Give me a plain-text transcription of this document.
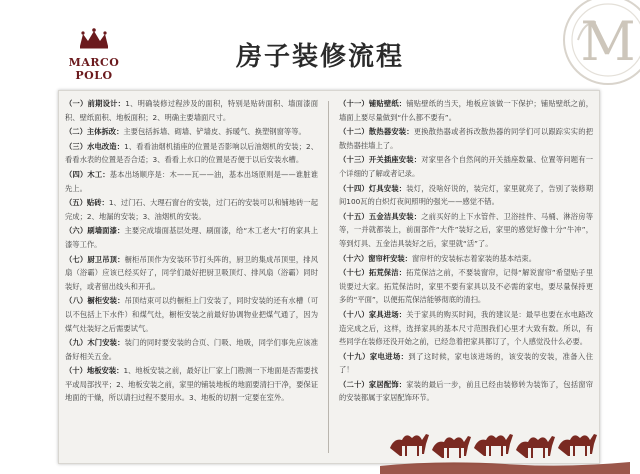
MARCO POLO
房子装修流程	M
（一）前期设计：1、明确装修过程涉及的面积，特别是贴砖面积、墙面漆面积、壁纸面积、地板面积；2、明确主要墙面尺寸。
（二）主体拆改：主要包括拆墙、砌墙、铲墙皮、拆暖气、换塑钢窗等等。
（三）水电改造：1、看看油烟机插座的位置是否影响以后油烟机的安装；2、看看水表的位置是否合适；3、看看上水口的位置是否便于以后安装水槽。
（四）木工：基本出场顺序是：木——瓦——油，基本出场原则是——谁脏谁先上。
（五）贴砖：1、过门石、大理石窗台的安装，过门石的安装可以和铺地砖一起完成；2、地漏的安装；3、油烟机的安装。
（六）刷墙面漆：主要完成墙面基层处理、刷面漆，给“木工老大”打的家具上漆等工作。
（七）厨卫吊顶：橱柜吊顶作为安装环节打头阵的，厨卫的集成吊顶里，排风扇（浴霸）应该已经买好了，同学们最好把厨卫吸顶灯、排风扇（浴霸）同时装好，或者留出线头和开孔。
（八）橱柜安装：吊顶结束可以约橱柜上门安装了，同时安装的还有水槽（可以不包括上下水件）和煤气灶，橱柜安装之前最好协调物业把煤气通了，因为煤气灶装好之后需要试气。
（九）木门安装：装门的同时要安装的合页、门吸、地吸，同学们事先应该准备好相关五金。
（十）地板安装：1、地板安装之前，最好让厂家上门勘测一下地面是否需要找平或局部找平；2、地板安装之前，家里的铺装地板的地面要清扫干净，要保证地面的干燥，所以请扫过程不要用水。3、地板的切割一定要在室外。
（十一）铺贴壁纸：铺贴壁纸的当天，地板应该做一下保护；铺贴壁纸之前，墙面上要尽量做到“什么都不要有”。
（十二）散热器安装：更换散热器或者拆改散热器的同学们可以跟踪实实的把散热器挂墙上了。
（十三）开关插座安装：对家里各个自然间的开关插座数量、位置等问题有一个详细的了解或者记录。
（十四）灯具安装：装灯，没啥好说的，装完灯，家里就亮了，告别了装修期间100瓦的白炽灯夜间照明的强光——感觉不错。
（十五）五金洁具安装：之前买好的上下水管件、卫浴挂件、马桶、淋浴房等等，一并就都装上，前面部件“大件”装好之后，家里的感觉好像十分“牛冲”，等到灯具、五金洁具装好之后，家里就“活”了。
（十六）窗帘杆安装：窗帘杆的安装标志着家装的基本结束。
（十七）拓荒保洁：拓荒保洁之前，不要装窗帘，记得“解说窗帘”希望贴子里说要过大家。拓荒保洁时，家里不要有家具以及不必需的家电，要尽量保持更多的“平面”，以便拓荒保洁能够彻底的清扫。
（十八）家具进场：关于家具的购买时间，我的建议是：最早也要在水电路改造完成之后，这样，选择家具的基本尺寸范围我们心里才大致有数。所以，有些同学在装修还没开始之前，已经急着把家具都订了，个人感觉没什么必要。
（十九）家电进场：到了这时候，家电该进场的，该安装的安装，准备入住了！
（二十）家居配饰：家装的最后一步，前且已经由装修转为装饰了，包括窗帘的安装都属于家居配饰环节。
